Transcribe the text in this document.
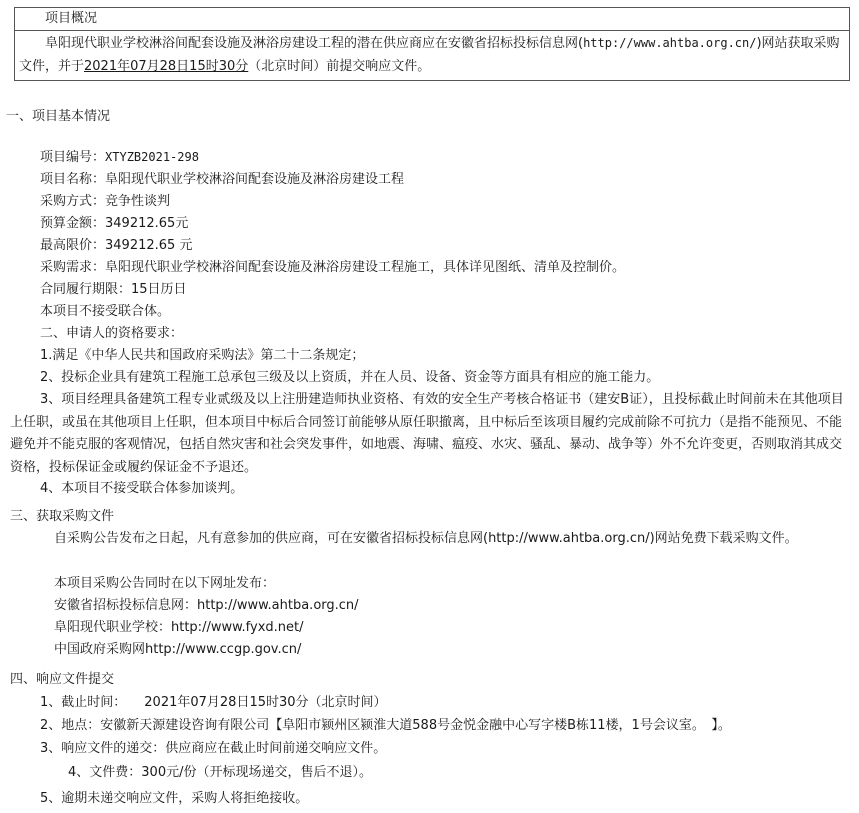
项目概况
阜阳现代职业学校淋浴间配套设施及淋浴房建设工程的潜在供应商应在安徽省招标投标信息网(http://www.ahtba.org.cn/)网站获取采购文件，并于2021年07月28日15时30分（北京时间）前提交响应文件。
一、项目基本情况
项目编号：XTYZB2021-298
项目名称：阜阳现代职业学校淋浴间配套设施及淋浴房建设工程
采购方式：竞争性谈判
预算金额：349212.65元
最高限价：349212.65 元
采购需求：阜阳现代职业学校淋浴间配套设施及淋浴房建设工程施工，具体详见图纸、清单及控制价。
合同履行期限：15日历日
本项目不接受联合体。
二、申请人的资格要求：
1.满足《中华人民共和国政府采购法》第二十二条规定；
2、投标企业具有建筑工程施工总承包三级及以上资质，并在人员、设备、资金等方面具有相应的施工能力。
3、项目经理具备建筑工程专业贰级及以上注册建造师执业资格、有效的安全生产考核合格证书（建安B证），且投标截止时间前未在其他项目上任职，或虽在其他项目上任职，但本项目中标后合同签订前能够从原任职撤离，且中标后至该项目履约完成前除不可抗力（是指不能预见、不能避免并不能克服的客观情况，包括自然灾害和社会突发事件，如地震、海啸、瘟疫、水灾、骚乱、暴动、战争等）外不允许变更，否则取消其成交资格，投标保证金或履约保证金不予退还。
4、本项目不接受联合体参加谈判。
三、获取采购文件
自采购公告发布之日起，凡有意参加的供应商，可在安徽省招标投标信息网(http://www.ahtba.org.cn/)网站免费下载采购文件。
本项目采购公告同时在以下网址发布：
安徽省招标投标信息网：http://www.ahtba.org.cn/
阜阳现代职业学校：http://www.fyxd.net/
中国政府采购网http://www.ccgp.gov.cn/
四、响应文件提交
1、截止时间： 2021年07月28日15时30分（北京时间）
2、地点：安徽新天源建设咨询有限公司【阜阳市颍州区颍淮大道588号金悦金融中心写字楼B栋11楼，1号会议室。　】。
3、响应文件的递交：供应商应在截止时间前递交响应文件。
4、文件费：300元/份（开标现场递交，售后不退）。
5、逾期未递交响应文件，采购人将拒绝接收。
